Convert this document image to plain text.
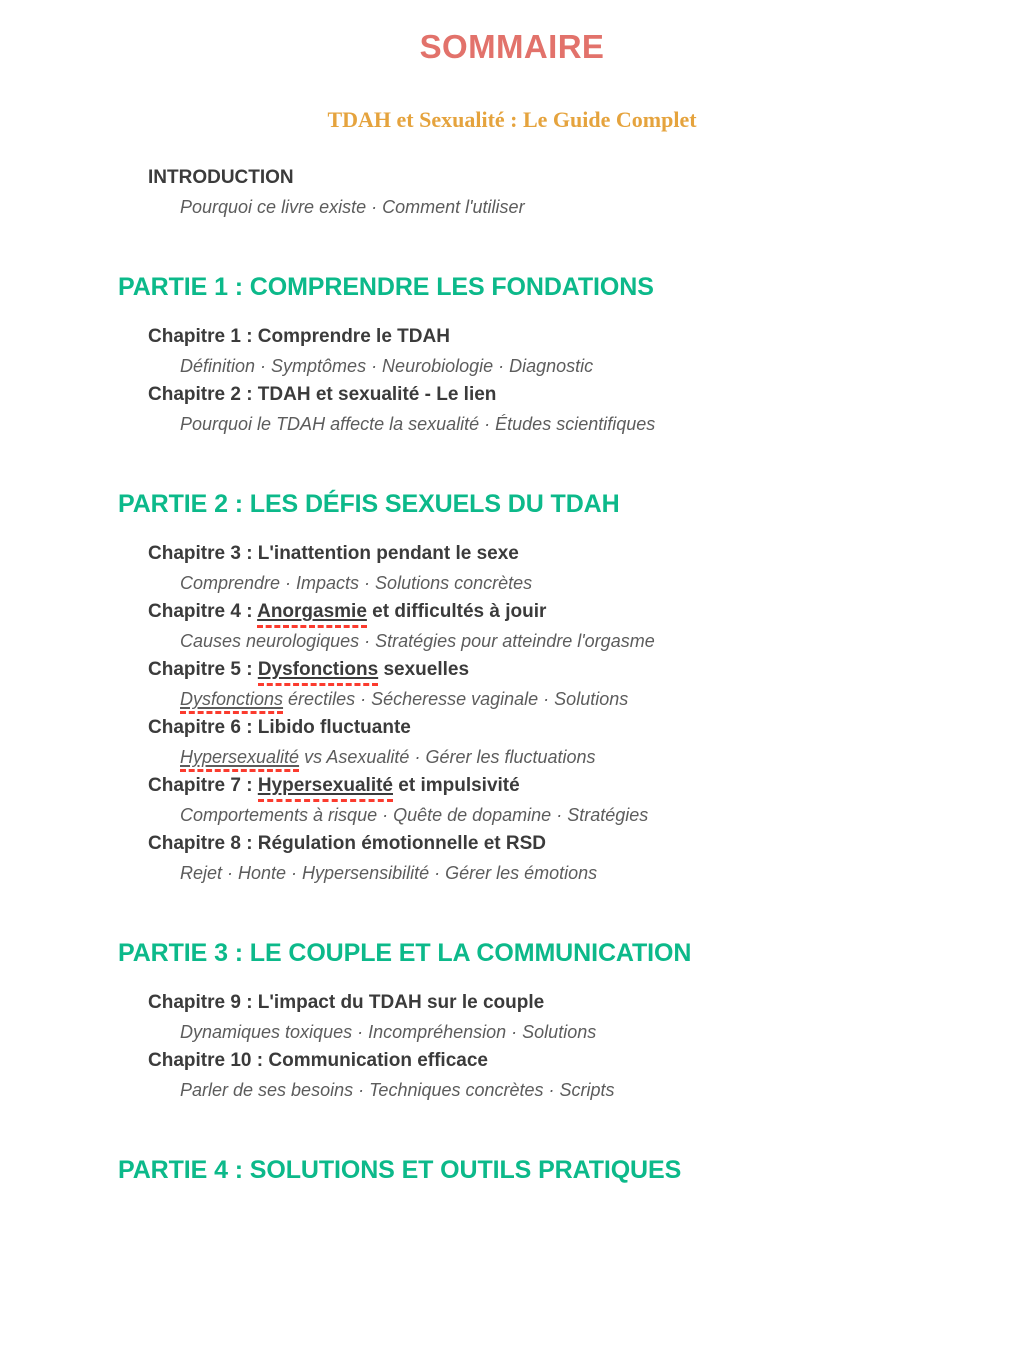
SOMMAIRE
TDAH et Sexualité : Le Guide Complet
INTRODUCTION
Pourquoi ce livre existe · Comment l'utiliser
PARTIE 1 : COMPRENDRE LES FONDATIONS
Chapitre 1 : Comprendre le TDAH
Définition · Symptômes · Neurobiologie · Diagnostic
Chapitre 2 : TDAH et sexualité - Le lien
Pourquoi le TDAH affecte la sexualité · Études scientifiques
PARTIE 2 : LES DÉFIS SEXUELS DU TDAH
Chapitre 3 : L'inattention pendant le sexe
Comprendre · Impacts · Solutions concrètes
Chapitre 4 : Anorgasmie et difficultés à jouir
Causes neurologiques · Stratégies pour atteindre l'orgasme
Chapitre 5 : Dysfonctions sexuelles
Dysfonctions érectiles · Sécheresse vaginale · Solutions
Chapitre 6 : Libido fluctuante
Hypersexualité vs Asexualité · Gérer les fluctuations
Chapitre 7 : Hypersexualité et impulsivité
Comportements à risque · Quête de dopamine · Stratégies
Chapitre 8 : Régulation émotionnelle et RSD
Rejet · Honte · Hypersensibilité · Gérer les émotions
PARTIE 3 : LE COUPLE ET LA COMMUNICATION
Chapitre 9 : L'impact du TDAH sur le couple
Dynamiques toxiques · Incompréhension · Solutions
Chapitre 10 : Communication efficace
Parler de ses besoins · Techniques concrètes · Scripts
PARTIE 4 : SOLUTIONS ET OUTILS PRATIQUES
